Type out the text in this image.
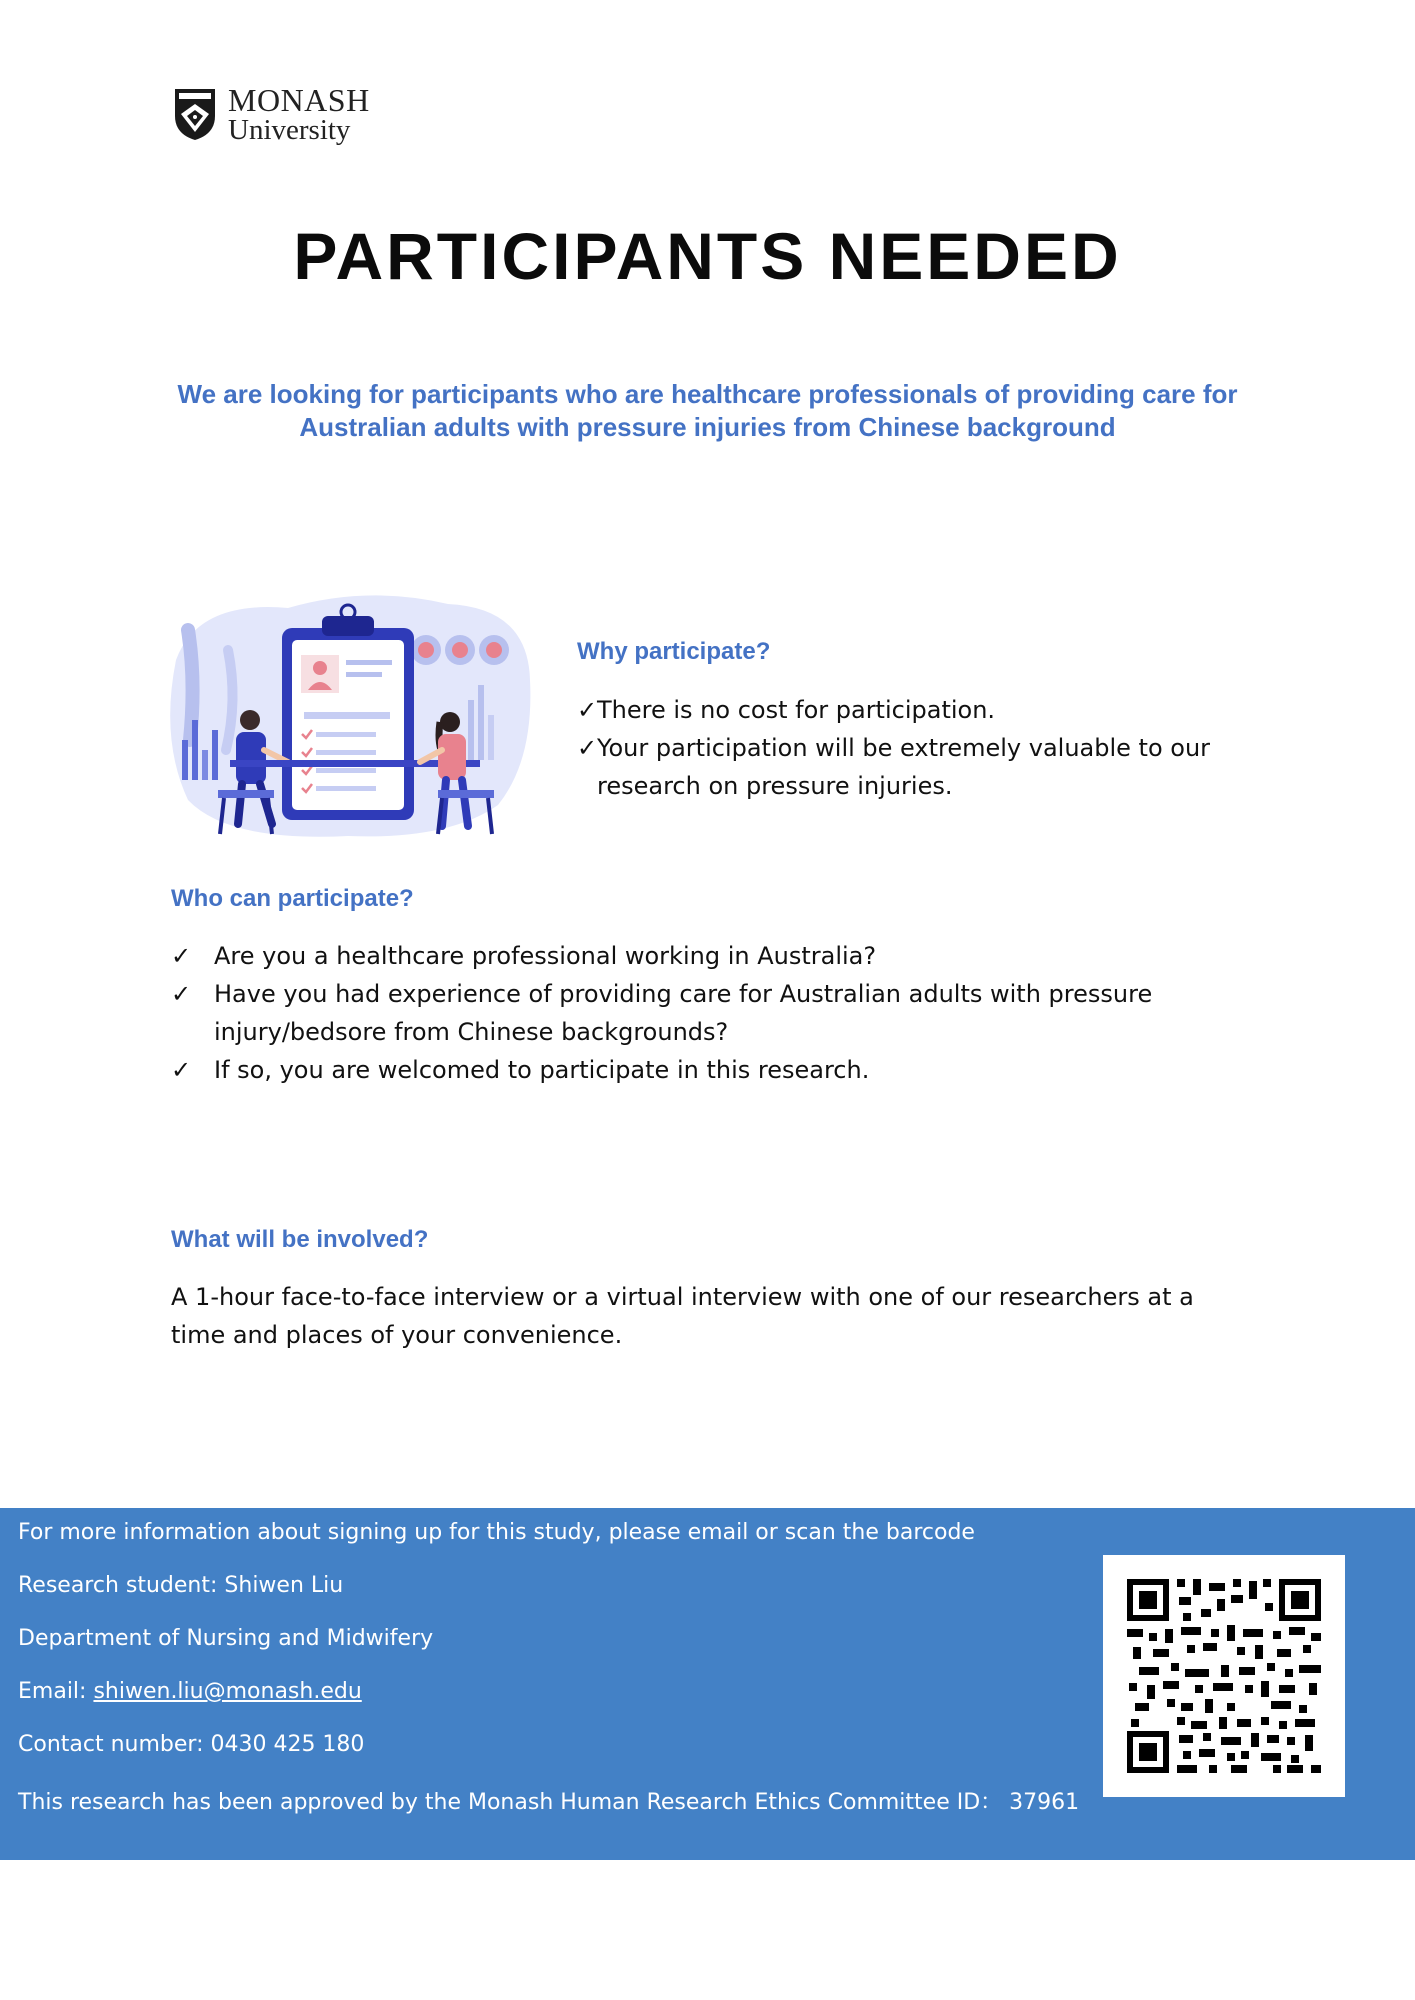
MONASH
University
PARTICIPANTS NEEDED
We are looking for participants who are healthcare professionals of providing care for Australian adults with pressure injuries from Chinese background
Why participate?
✓ There is no cost for participation.
✓ Your participation will be extremely valuable to our research on pressure injuries.
Who can participate?
✓ Are you a healthcare professional working in Australia?
✓ Have you had experience of providing care for Australian adults with pressure injury/bedsore from Chinese backgrounds?
✓ If so, you are welcomed to participate in this research.
What will be involved?

A 1-hour face-to-face interview or a virtual interview with one of our researchers at a time and places of your convenience.

For more information about signing up for this study, please email or scan the barcode
Research student: Shiwen Liu
Department of Nursing and Midwifery
Email: shiwen.liu@monash.edu
Contact number: 0430 425 180
This research has been approved by the Monash Human Research Ethics Committee ID： 37961
